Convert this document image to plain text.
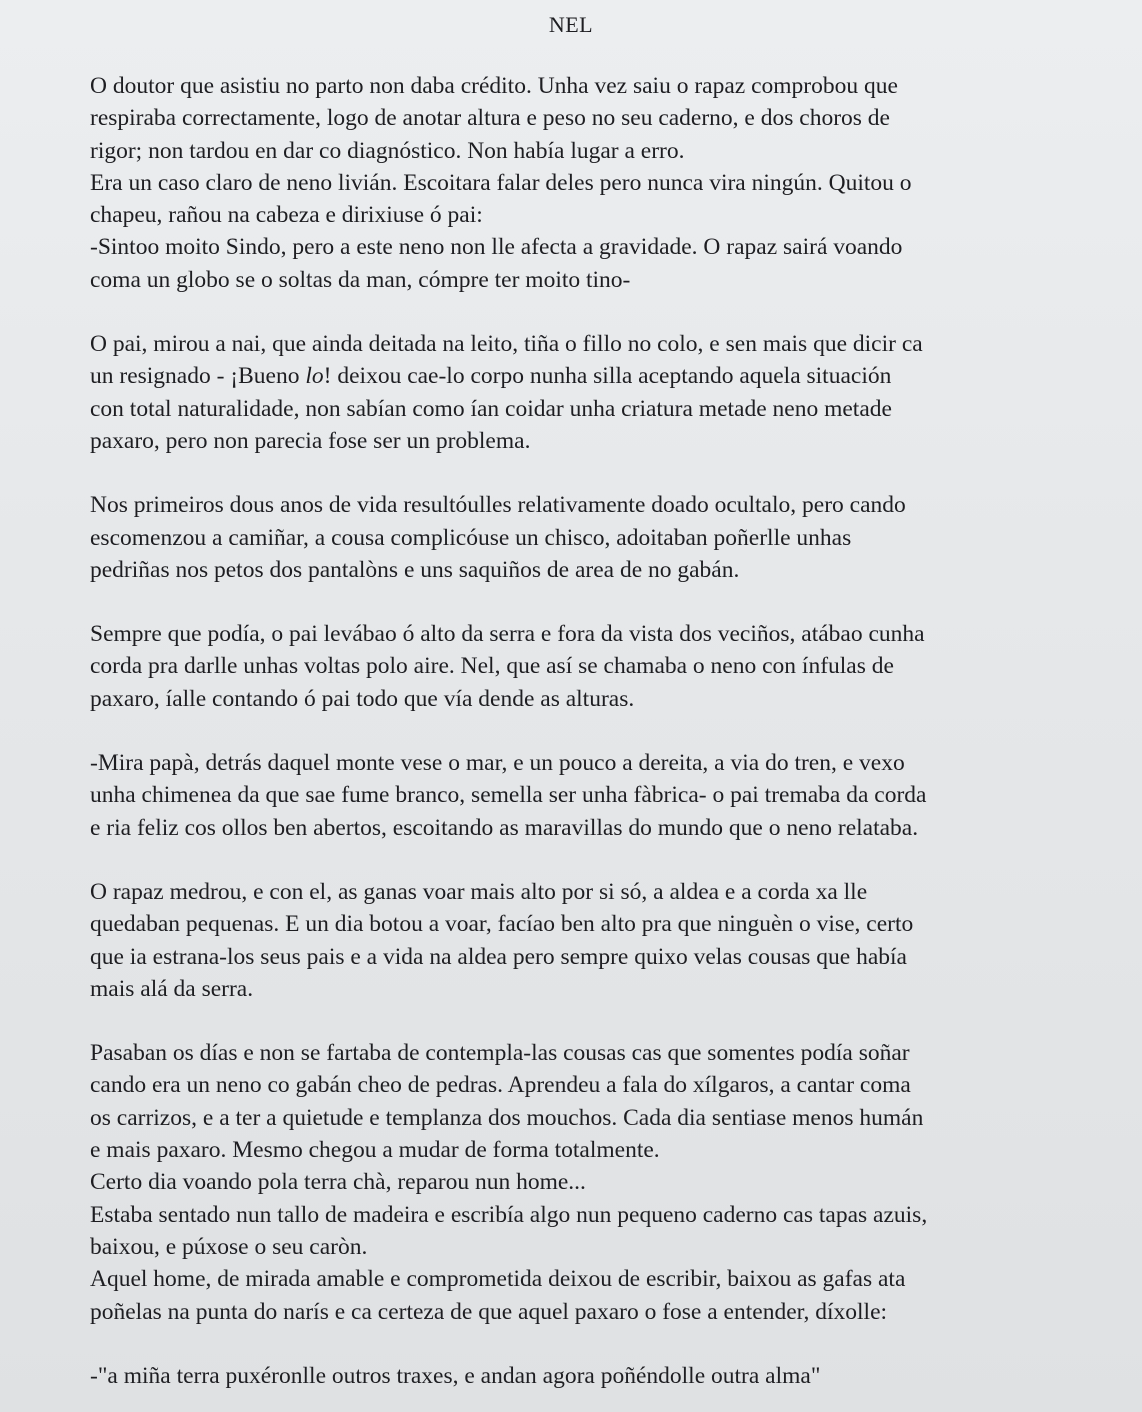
NEL
O doutor que asistiu no parto non daba crédito. Unha vez saiu o rapaz comprobou que
respiraba correctamente, logo de anotar altura e peso no seu caderno, e dos choros de
rigor; non tardou en dar co diagnóstico. Non había lugar a erro.
Era un caso claro de neno livián. Escoitara falar deles pero nunca vira ningún. Quitou o
chapeu, rañou na cabeza e dirixiuse ó pai:
-Sintoo moito Sindo, pero a este neno non lle afecta a gravidade. O rapaz sairá voando
coma un globo se o soltas da man, cómpre ter moito tino-
O pai, mirou a nai, que ainda deitada na leito, tiña o fillo no colo, e sen mais que dicir ca
un resignado - ¡Bueno lo! deixou cae-lo corpo nunha silla aceptando aquela situación
con total naturalidade, non sabían como ían coidar unha criatura metade neno metade
paxaro, pero non parecia fose ser un problema.
Nos primeiros dous anos de vida resultóulles relativamente doado ocultalo, pero cando
escomenzou a camiñar, a cousa complicóuse un chisco, adoitaban poñerlle unhas
pedriñas nos petos dos pantalòns e uns saquiños de area de no gabán.
Sempre que podía, o pai levábao ó alto da serra e fora da vista dos veciños, atábao cunha
corda pra darlle unhas voltas polo aire. Nel, que así se chamaba o neno con ínfulas de
paxaro, íalle contando ó pai todo que vía dende as alturas.
-Mira papà, detrás daquel monte vese o mar, e un pouco a dereita, a via do tren, e vexo
unha chimenea da que sae fume branco, semella ser unha fàbrica- o pai tremaba da corda
e ria feliz cos ollos ben abertos, escoitando as maravillas do mundo que o neno relataba.
O rapaz medrou, e con el, as ganas voar mais alto por si só, a aldea e a corda xa lle
quedaban pequenas. E un dia botou a voar, facíao ben alto pra que ninguèn o vise, certo
que ia estrana-los seus pais e a vida na aldea pero sempre quixo velas cousas que había
mais alá da serra.
Pasaban os días e non se fartaba de contempla-las cousas cas que somentes podía soñar
cando era un neno co gabán cheo de pedras. Aprendeu a fala do xílgaros, a cantar coma
os carrizos, e a ter a quietude e templanza dos mouchos. Cada dia sentiase menos humán
e mais paxaro. Mesmo chegou a mudar de forma totalmente.
Certo dia voando pola terra chà, reparou nun home...
Estaba sentado nun tallo de madeira e escribía algo nun pequeno caderno cas tapas azuis,
baixou, e púxose o seu caròn.
Aquel home, de mirada amable e comprometida deixou de escribir, baixou as gafas ata
poñelas na punta do narís e ca certeza de que aquel paxaro o fose a entender, díxolle:
-"a miña terra puxéronlle outros traxes, e andan agora poñéndolle outra alma"
